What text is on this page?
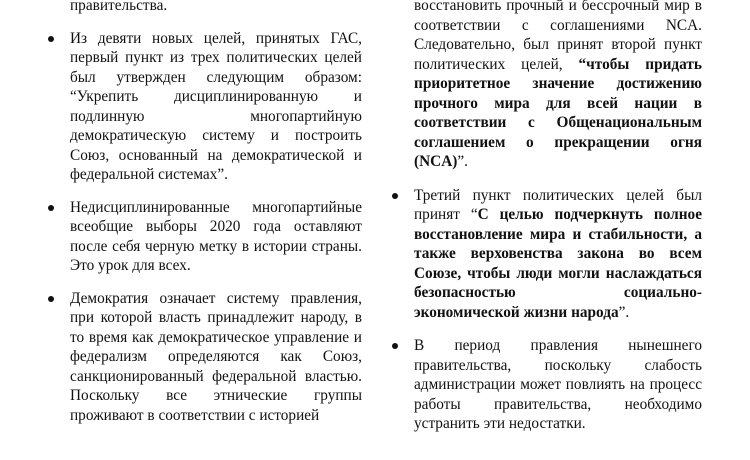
правительства.
Из девяти новых целей, принятых ГАС, первый пункт из трех политических целей был утвержден следующим образом: “Укрепить дисциплинированную и подлинную многопартийную демократическую систему и построить Союз, основанный на демократической и федеральной системах”.
Недисциплинированные многопартийные всеобщие выборы 2020 года оставляют после себя черную метку в истории страны. Это урок для всех.
Демократия означает систему правления, при которой власть принадлежит народу, в то время как демократическое управление и федерализм определяются как Союз, санкционированный федеральной властью. Поскольку все этнические группы проживают в соответствии с историей
восстановить прочный и бессрочный мир в соответствии с соглашениями NCA. Следовательно, был принят второй пункт политических целей, “чтобы придать приоритетное значение достижению прочного мира для всей нации в соответствии с Общенациональным соглашением о прекращении огня (NCA)”.
Третий пункт политических целей был принят “С целью подчеркнуть полное восстановление мира и стабильности, а также верховенства закона во всем Союзе, чтобы люди могли наслаждаться безопасностью социально-экономической жизни народа”.
В период правления нынешнего правительства, поскольку слабость администрации может повлиять на процесс работы правительства, необходимо устранить эти недостатки.
